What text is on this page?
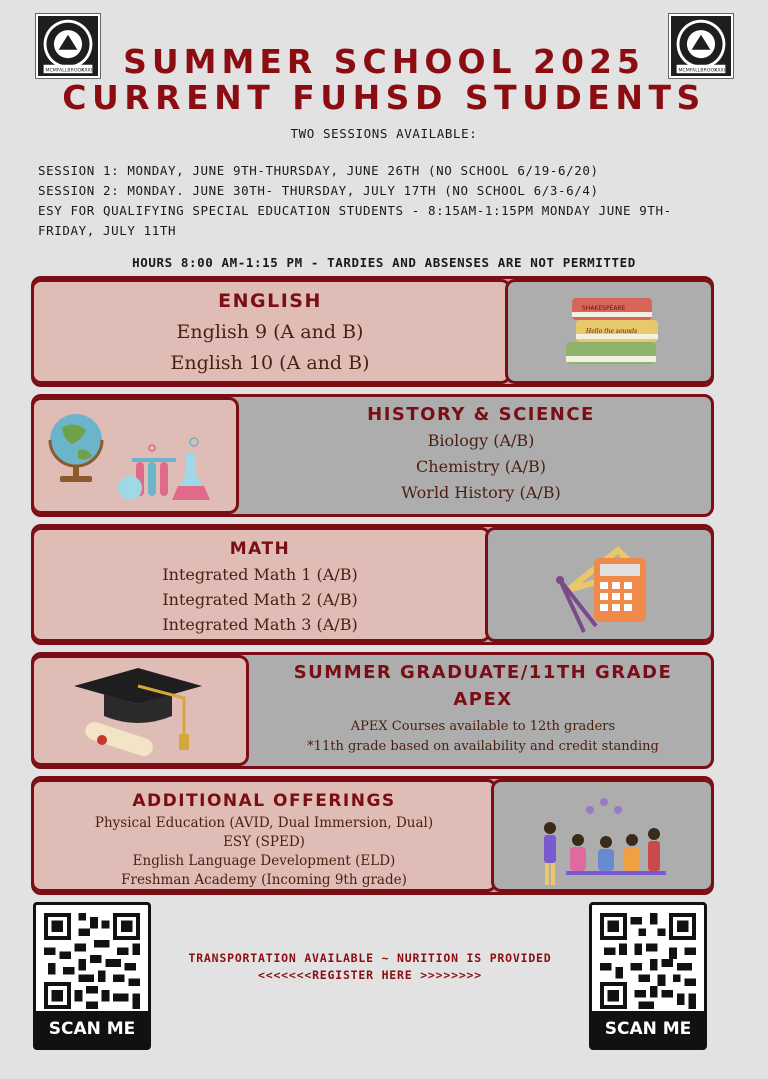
MCM FALLBROOK
XXXIII	MCM FALLBROOK
XXXIII
SUMMER SCHOOL 2025
CURRENT FUHSD STUDENTS
TWO SESSIONS AVAILABLE:
SESSION 1: MONDAY, JUNE 9TH-THURSDAY, JUNE 26TH (NO SCHOOL 6/19-6/20)
SESSION 2: MONDAY. JUNE 30TH- THURSDAY, JULY 17TH (NO SCHOOL 6/3-6/4)
ESY FOR QUALIFYING SPECIAL EDUCATION STUDENTS - 8:15AM-1:15PM MONDAY JUNE 9TH-
FRIDAY, JULY 11TH
HOURS 8:00 AM-1:15 PM - TARDIES AND ABSENSES ARE NOT PERMITTED
SHAKESPEARE
Hello the sounds
ENGLISH
English 9 (A and B)
English 10 (A and B)
HISTORY & SCIENCE
Biology (A/B)
Chemistry (A/B)
World History (A/B)
MATH
Integrated Math 1 (A/B)
Integrated Math 2 (A/B)
Integrated Math 3 (A/B)
SUMMER GRADUATE/11TH GRADE
APEX
APEX Courses available to 12th graders
*11th grade based on availability and credit standing
ADDITIONAL OFFERINGS
Physical Education (AVID, Dual Immersion, Dual)
ESY (SPED)
English Language Development (ELD)
Freshman Academy (Incoming 9th grade)
SCAN ME
TRANSPORTATION AVAILABLE ~ NURITION IS PROVIDED
<<<<<<<REGISTER HERE >>>>>>>>
SCAN ME
